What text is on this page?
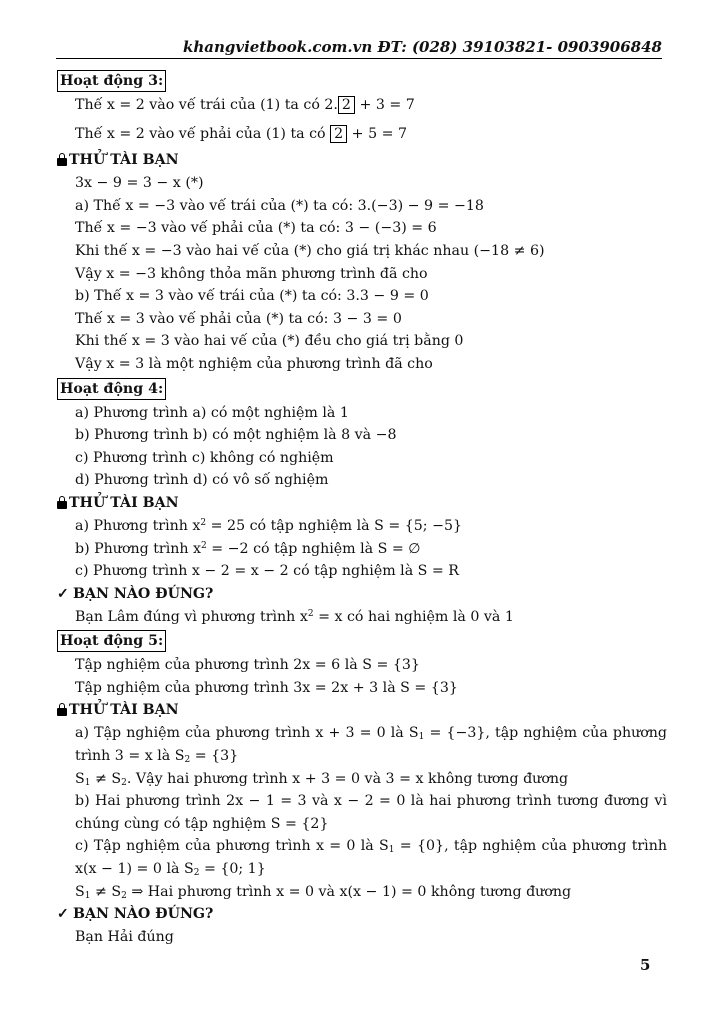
khangvietbook.com.vn ĐT: (028) 39103821- 0903906848
Hoạt động 3:
Thế x = 2 vào vế trái của (1) ta có 2. 2 + 3 = 7
Thế x = 2 vào vế phải của (1) ta có 2 + 5 = 7
THỬ TÀI BẠN
3x − 9 = 3 − x (*)
a) Thế x = −3 vào vế trái của (*) ta có: 3.(−3) − 9 = −18
Thế x = −3 vào vế phải của (*) ta có: 3 − (−3) = 6
Khi thế x = −3 vào hai vế của (*) cho giá trị khác nhau (−18 ≠ 6)
Vậy x = −3 không thỏa mãn phương trình đã cho
b) Thế x = 3 vào vế trái của (*) ta có: 3.3 − 9 = 0
Thế x = 3 vào vế phải của (*) ta có: 3 − 3 = 0
Khi thế x = 3 vào hai vế của (*) đều cho giá trị bằng 0
Vậy x = 3 là một nghiệm của phương trình đã cho
Hoạt động 4:
a) Phương trình a) có một nghiệm là 1
b) Phương trình b) có một nghiệm là 8 và −8
c) Phương trình c) không có nghiệm
d) Phương trình d) có vô số nghiệm
THỬ TÀI BẠN
a) Phương trình $x^2 = 25$ có tập nghiệm là S = {5; −5}
b) Phương trình $x^2 = -2$ có tập nghiệm là S = ∅
c) Phương trình x − 2 = x − 2 có tập nghiệm là S = R
✓ BẠN NÀO ĐÚNG?
Bạn Lâm đúng vì phương trình $x^2 = x$ có hai nghiệm là 0 và 1
Hoạt động 5:
Tập nghiệm của phương trình 2x = 6 là S = {3}
Tập nghiệm của phương trình 3x = 2x + 3 là S = {3}
THỬ TÀI BẠN
a) Tập nghiệm của phương trình x + 3 = 0 là $S_1 = \{-3\}$, tập nghiệm của phương trình 3 = x là $S_2 = \{3\}$
$S_1 \ne S_2$. Vậy hai phương trình x + 3 = 0 và 3 = x không tương đương
b) Hai phương trình 2x − 1 = 3 và x − 2 = 0 là hai phương trình tương đương vì chúng cùng có tập nghiệm S = {2}
c) Tập nghiệm của phương trình x = 0 là $S_1 = \{0\}$, tập nghiệm của phương trình x(x − 1) = 0 là $S_2 = \{0$; 1}
$S_1 \ne S_2$ ⇒ Hai phương trình x = 0 và x(x − 1) = 0 không tương đương
✓ BẠN NÀO ĐÚNG?
Bạn Hải đúng
5
